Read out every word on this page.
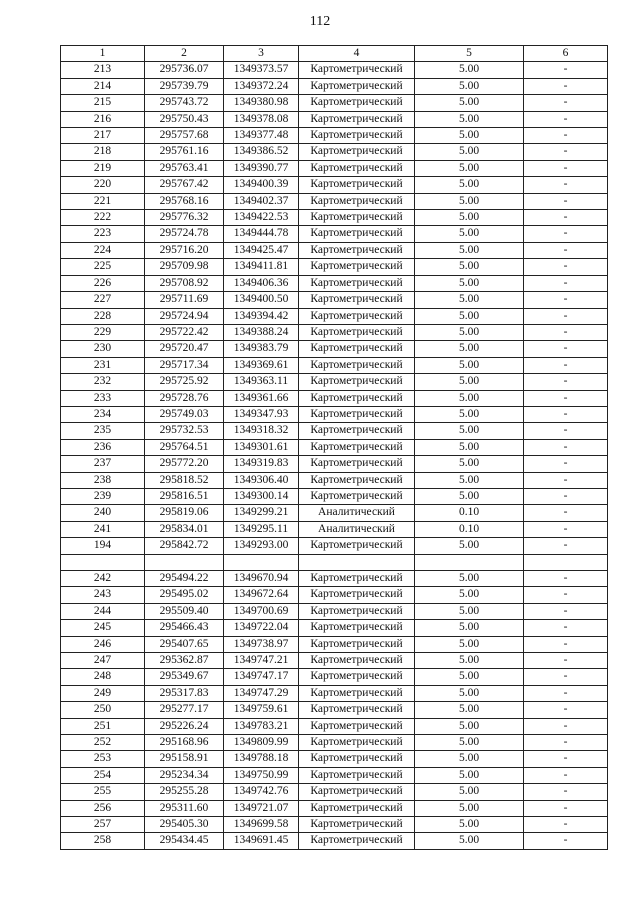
112
1	2	3	4	5	6
213	295736.07	1349373.57	Картометрический	5.00	-
214	295739.79	1349372.24	Картометрический	5.00	-
215	295743.72	1349380.98	Картометрический	5.00	-
216	295750.43	1349378.08	Картометрический	5.00	-
217	295757.68	1349377.48	Картометрический	5.00	-
218	295761.16	1349386.52	Картометрический	5.00	-
219	295763.41	1349390.77	Картометрический	5.00	-
220	295767.42	1349400.39	Картометрический	5.00	-
221	295768.16	1349402.37	Картометрический	5.00	-
222	295776.32	1349422.53	Картометрический	5.00	-
223	295724.78	1349444.78	Картометрический	5.00	-
224	295716.20	1349425.47	Картометрический	5.00	-
225	295709.98	1349411.81	Картометрический	5.00	-
226	295708.92	1349406.36	Картометрический	5.00	-
227	295711.69	1349400.50	Картометрический	5.00	-
228	295724.94	1349394.42	Картометрический	5.00	-
229	295722.42	1349388.24	Картометрический	5.00	-
230	295720.47	1349383.79	Картометрический	5.00	-
231	295717.34	1349369.61	Картометрический	5.00	-
232	295725.92	1349363.11	Картометрический	5.00	-
233	295728.76	1349361.66	Картометрический	5.00	-
234	295749.03	1349347.93	Картометрический	5.00	-
235	295732.53	1349318.32	Картометрический	5.00	-
236	295764.51	1349301.61	Картометрический	5.00	-
237	295772.20	1349319.83	Картометрический	5.00	-
238	295818.52	1349306.40	Картометрический	5.00	-
239	295816.51	1349300.14	Картометрический	5.00	-
240	295819.06	1349299.21	Аналитический	0.10	-
241	295834.01	1349295.11	Аналитический	0.10	-
194	295842.72	1349293.00	Картометрический	5.00	-

242	295494.22	1349670.94	Картометрический	5.00	-
243	295495.02	1349672.64	Картометрический	5.00	-
244	295509.40	1349700.69	Картометрический	5.00	-
245	295466.43	1349722.04	Картометрический	5.00	-
246	295407.65	1349738.97	Картометрический	5.00	-
247	295362.87	1349747.21	Картометрический	5.00	-
248	295349.67	1349747.17	Картометрический	5.00	-
249	295317.83	1349747.29	Картометрический	5.00	-
250	295277.17	1349759.61	Картометрический	5.00	-
251	295226.24	1349783.21	Картометрический	5.00	-
252	295168.96	1349809.99	Картометрический	5.00	-
253	295158.91	1349788.18	Картометрический	5.00	-
254	295234.34	1349750.99	Картометрический	5.00	-
255	295255.28	1349742.76	Картометрический	5.00	-
256	295311.60	1349721.07	Картометрический	5.00	-
257	295405.30	1349699.58	Картометрический	5.00	-
258	295434.45	1349691.45	Картометрический	5.00	-
